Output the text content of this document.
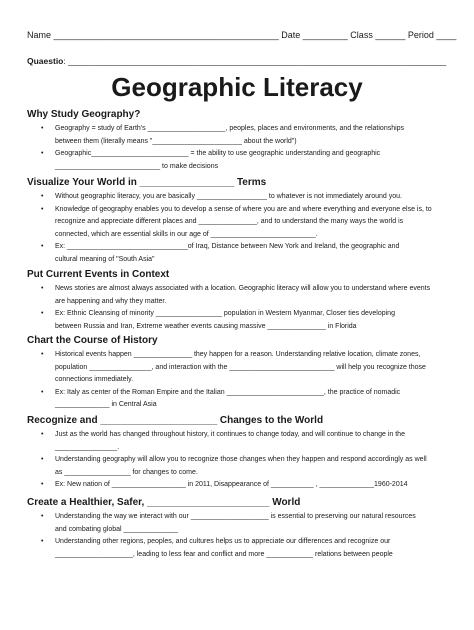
Name _____________________________________________ Date _________ Class ______ Period ____
Quaestio: ________________________________________________________________________________
Geographic Literacy
Why Study Geography?
• Geography = study of Earth's ____________________, peoples, places and environments, and the relationships
between them (literally means "_______________________ about the world")
• Geographic_________________________ = the ability to use geographic understanding and geographic
___________________________ to make decisions
Visualize Your World in _________________ Terms
• Without geographic literacy, you are basically __________________ to whatever is not immediately around you.
• Knowledge of geography enables you to develop a sense of where you are and where everything and everyone else is, to
recognize and appreciate different places and _______________, and to understand the many ways the world is
connected, which are essential skills in our age of ___________________________.
• Ex: _______________________________of Iraq, Distance between New York and Ireland, the geographic and
cultural meaning of "South Asia"
Put Current Events in Context
• News stories are almost always associated with a location. Geographic literacy will allow you to understand where events
are happening and why they matter.
• Ex: Ethnic Cleansing of minority _________________ population in Western Myanmar, Closer ties developing
between Russia and Iran, Extreme weather events causing massive _______________ in Florida
Chart the Course of History
• Historical events happen _______________ they happen for a reason. Understanding relative location, climate zones,
population ________________, and interaction with the ___________________________ will help you recognize those
connections immediately.
• Ex: Italy as center of the Roman Empire and the Italian _________________________, the practice of nomadic
______________ in Central Asia
Recognize and _____________________ Changes to the World
• Just as the world has changed throughout history, it continues to change today, and will continue to change in the
________________.
• Understanding geography will allow you to recognize those changes when they happen and respond accordingly as well
as _________________ for changes to come.
• Ex: New nation of ___________________ in 2011, Disappearance of ___________ , ______________1960-2014
Create a Healthier, Safer, ______________________ World
• Understanding the way we interact with our ____________________ is essential to preserving our natural resources
and combating global ______________
• Understanding other regions, peoples, and cultures helps us to appreciate our differences and recognize our
____________________, leading to less fear and conflict and more ____________ relations between people
